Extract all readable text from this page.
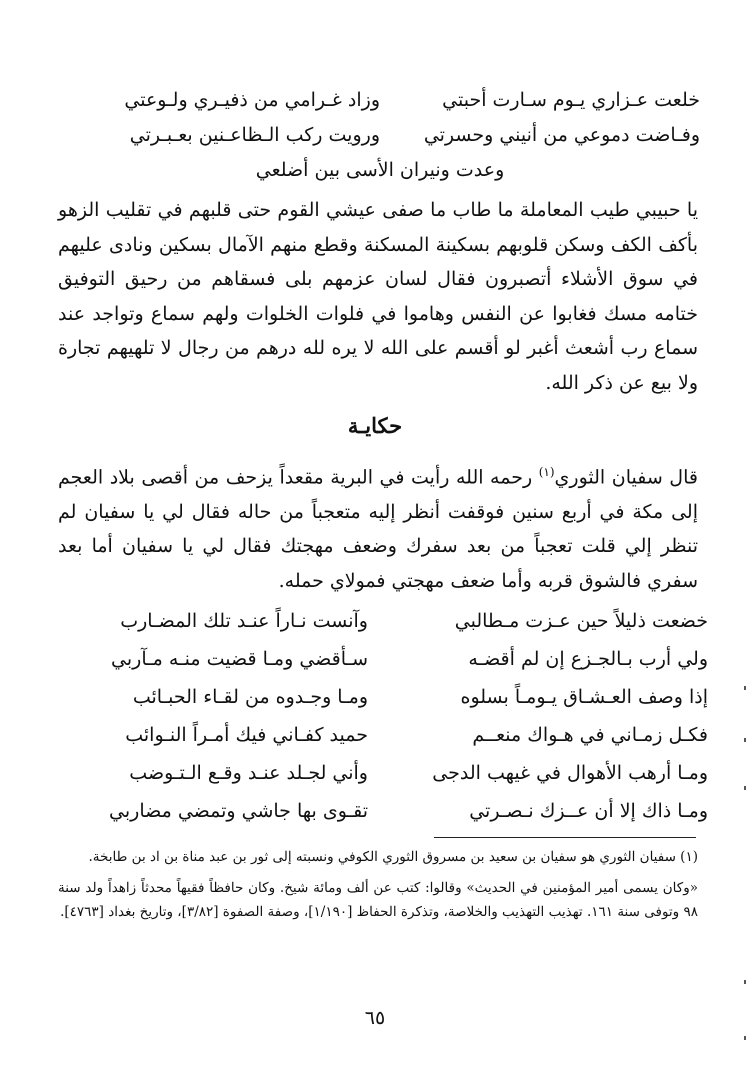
خلعت عـزاري يـوم سـارت أحبتي
وزاد غـرامي من ذفيـري ولـوعتي
وفـاضت دموعي من أنيني وحسرتي
ورويت ركب الـظاعـنين بعـبـرتي
وعدت ونيران الأسى بين أضلعي

يا حبيبي طيب المعاملة ما طاب ما صفى عيشي القوم حتى قلبهم في تقليب الزهو بأكف الكف وسكن قلوبهم بسكينة المسكنة وقطع منهم الآمال بسكين ونادى عليهم في سوق الأشلاء أتصبرون فقال لسان عزمهم بلى فسقاهم من رحيق التوفيق ختامه مسك فغابوا عن النفس وهاموا في فلوات الخلوات ولهم سماع وتواجد عند سماع رب أشعث أغبر لو أقسم على الله لا يره لله درهم من رجال لا تلهيهم تجارة ولا بيع عن ذكر الله.

حكايـة

قال سفيان الثوري$^{(١)}$ رحمه الله رأيت في البرية مقعداً يزحف من أقصى بلاد العجم إلى مكة في أربع سنين فوقفت أنظر إليه متعجباً من حاله فقال لي يا سفيان لم تنظر إلي قلت تعجباً من بعد سفرك وضعف مهجتك فقال لي يا سفيان أما بعد سفري فالشوق قربه وأما ضعف مهجتي فمولاي حمله.

خضعت ذليلاً حين عـزت مـطالبي
وآنست نـاراً عنـد تلك المضـارب
ولي أرب بـالجـزع إن لم أقضـه
سـأقضي ومـا قضيت منـه مـآربي
إذا وصف العـشـاق يـومـاً بسلوه
ومـا وجـدوه من لقـاء الحبـائب
فكـل زمـاني في هـواك منعــم
حميد كفـاني فيك أمـراً النـوائب
ومـا أرهب الأهوال في غيهب الدجى
وأني لجـلد عنـد وقـع الـتـوضب
ومـا ذاك إلا أن عــزك نـصـرتي
تقـوى بها جاشي وتمضي مضاربي

(١) سفيان الثوري هو سفيان بن سعيد بن مسروق الثوري الكوفي ونسبته إلى ثور بن عبد مناة بن اد بن طابخة.

«وكان يسمى أمير المؤمنين في الحديث» وقالوا: كتب عن ألف ومائة شيخ. وكان حافظاً فقيهاً محدثاً زاهداً ولد سنة ٩٨ وتوفى سنة ١٦١. تهذيب التهذيب والخلاصة، وتذكرة الحفاظ [١/١٩٠]، وصفة الصفوة [٣/٨٢]، وتاريخ بغداد [٤٧٦٣].

٦٥
